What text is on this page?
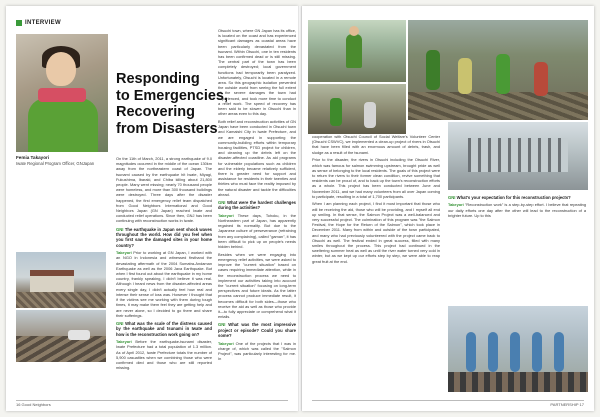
INTERVIEW
Femia Takayori
Iwate Regional Program Officer, GNJapan
Responding
to Emergencies,
Recovering
from Disasters

On the 11th of March, 2011, a strong earthquake of 9.0 magnitudes occurred in the middle of the ocean 130km away from the northeastern coast of Japan. The tsunami caused by the earthquake hit Iwate, Miyagi, Fukushima, Ibaraki, and Chiba killing about 21,800 people. Many went missing; nearly 70 thousand people were homeless, and more than 300 thousand buildings were destroyed. Three days after the disaster happened, the first emergency relief team dispatched from Good Neighbors International and Good Neighbors Japan (GN Japan) reached Iwate and conducted relief operations. Since then, GNJ has been continuing with reconstruction works in Iwate.

GNI The earthquake in Japan sent shock waves throughout the world. How did you feel when you first saw the damaged sites in your home country?

Takeyori Prior to working at GN Japan, I worked with an NGO in Indonesia and witnessed firsthand the devastating aftermath of the 2004 Sumatra-Andaman Earthquake as well as the 2006 Java Earthquake. But when I first found out about the earthquake in my home country, frankly speaking, I didn't believe it was real. Although I heard news from the disaster-affected areas every single day, I didn't actually feel how real and intense their sense of loss was. However I thought that if the victims see me working with them during tough times, it may make them feel they are getting help and are never alone, so I decided to go there and share their sufferings.

GNI What was the scale of the distress caused by the earthquake and tsunami in Iwate and how is the reconstruction work going on?

Takeyori Before the earthquake-tsunami disaster, Iwate Prefecture had a total population of 1.3 million. As of April 2012, Iwate Prefecture totals the number of 5,900 casualties when we combining those who were confirmed died and those who are still reported missing.

Otsuchi town, where GN Japan has its office, is located on the coast and has experienced significant damages as coastal areas have been particularly devastated from the tsunami. Within Otsuchi, one in ten residents has been confirmed dead or is still missing. The central part of the town has been completely destroyed; local government functions had temporarily been paralyzed. Unfortunately, Otsuchi is located in a remote area. So this geographic isolation prevented the outside world from seeing the full extent of the severe damages the town had experienced, and took more time to conduct a relief work. The speed of recovery has been said to be slower in Otsuchi than in other areas even to this day.

Both relief and reconstruction activities of GN Japan have been conducted in Otsuchi town and Kamaishi City in Iwate Prefecture, and we are engaged in supporting the community-building efforts within temporary housing facilities, PTSD project for children, and cleaning up the debris left on the disaster-affected coastline. As aid programs for vulnerable populations such as children and the elderly became relatively sufficient, there is greater need for support and assistance for residents in their twenties and thirties who must face the reality imposed by the natural disaster and tackle the difficulties ahead.

GNI What were the hardest challenges during the activities?

Takeyori These days, Tohoku, in the Northeastern part of Japan, has apparently regained its normality. But due to the Japanese culture of perseverance (refraining from any complaining), called "gaman", it has been difficult to pick up on people's needs hidden behind.

Besides when we were engaging into emergency relief activities, we were asked to improve the "current situation" based on cases requiring immediate attention, while in the reconstruction process we need to implement our activities taking into account the "current situation" focusing on long-term perspectives and future ideals. As the latter process cannot produce immediate result, it becomes difficult for both sides—those who receive the aid as well as those who provide it—to fully appreciate or comprehend what it entails.

GNI What was the most impressive project or episode? Could you share some?

Takeyori One of the projects that I was in charge of, which was called the "Salmon Project", was particularly interesting for me. In

16 Good Neighbors

cooperation with Otsuchi Council of Social Welfare's Volunteer Center (Otsuchi CSWVC), we implemented a clean-up project of rivers in Otsuchi that have been filled with an enormous amount of debris, trash, and sludge as a result of the tsunami.

Prior to the disaster, the rivers in Otsuchi including the Otsuchi River, which was famous for salmon swimming upstream, brought pride as well as sense of belonging to the local residents. The goals of this project were to return the rivers to their former clean condition, revive something that residents can be proud of, and to back up the town's reconstruction efforts as a whole. This project has been conducted between June and November 2011, and we had many volunteers from all over Japan coming to participate, resulting in a total of 1,700 participants.

When I am planning each project, I find it most important that those who will be receiving the aid, those who will be providing, and I myself all end up smiling. In that sense, the Salmon Project was a well-balanced and very successful project. The culmination of this program was "the Salmon Festival, the Hope for the Return of the Salmon", which took place in December 2011. Many from within and outside of the town participated, and many who had previously volunteered with the project came back to Otsuchi as well. The festival ended in great success, filled with many smiles throughout the process. This project had continued in the sweltering summer heat as well as until the river water turned very cold in winter, but as we kept up our efforts step by step, we were able to reap great fruit at the end.

GNI What's your expectation for this reconstruction projects?

Takeyori "Reconstruction work" is a step-by-step effort. I believe that repeating our daily efforts one day after the other will lead to the reconstruction of a brighter future. Up to this

PARTNERSHIP 17
